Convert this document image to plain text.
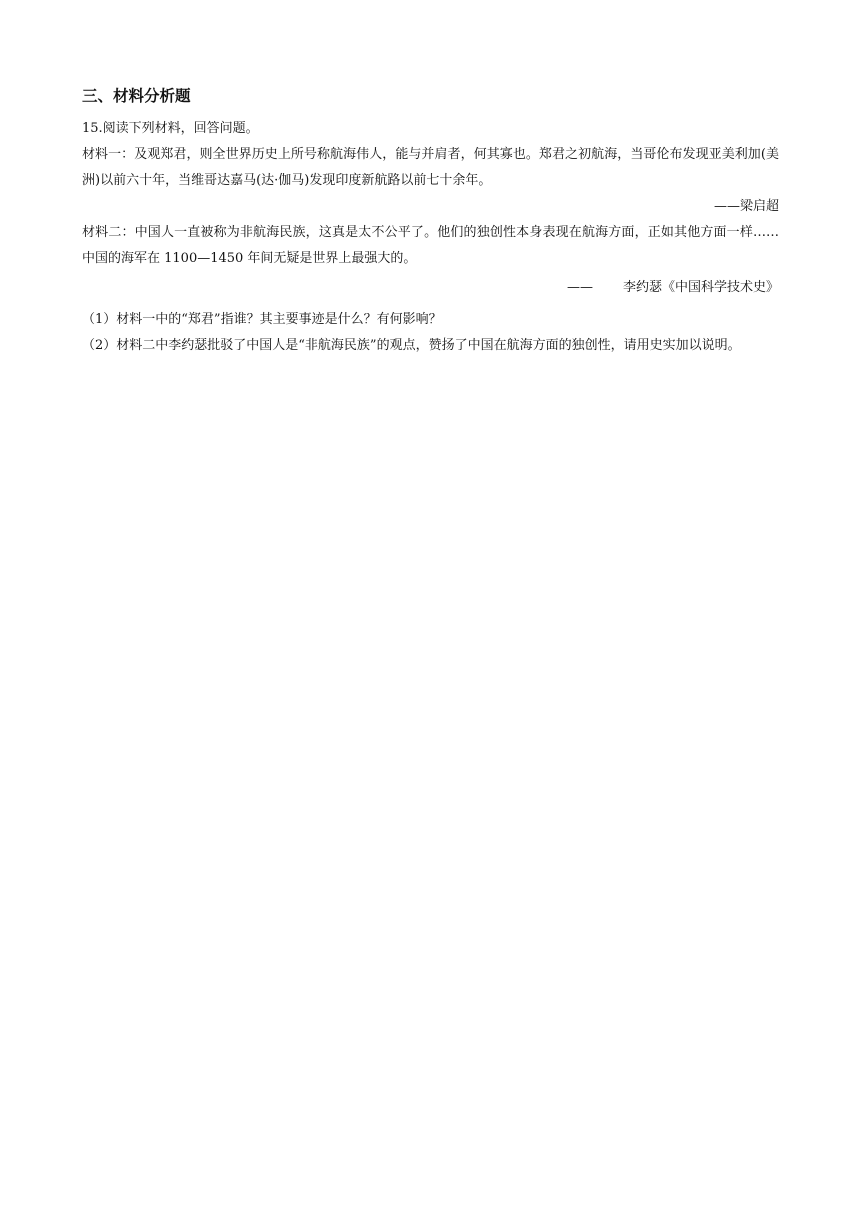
三、材料分析题

15.阅读下列材料，回答问题。

材料一：及观郑君，则全世界历史上所号称航海伟人，能与并肩者，何其寡也。郑君之初航海，当哥伦布发现亚美利加(美洲)以前六十年，当维哥达嘉马(达·伽马)发现印度新航路以前七十余年。

——梁启超

材料二：中国人一直被称为非航海民族，这真是太不公平了。他们的独创性本身表现在航海方面，正如其他方面一样……中国的海军在 1100—1450 年间无疑是世界上最强大的。

—— 李约瑟《中国科学技术史》

（1）材料一中的“郑君”指谁？其主要事迹是什么？有何影响？

（2）材料二中李约瑟批驳了中国人是“非航海民族”的观点，赞扬了中国在航海方面的独创性，请用史实加以说明。
